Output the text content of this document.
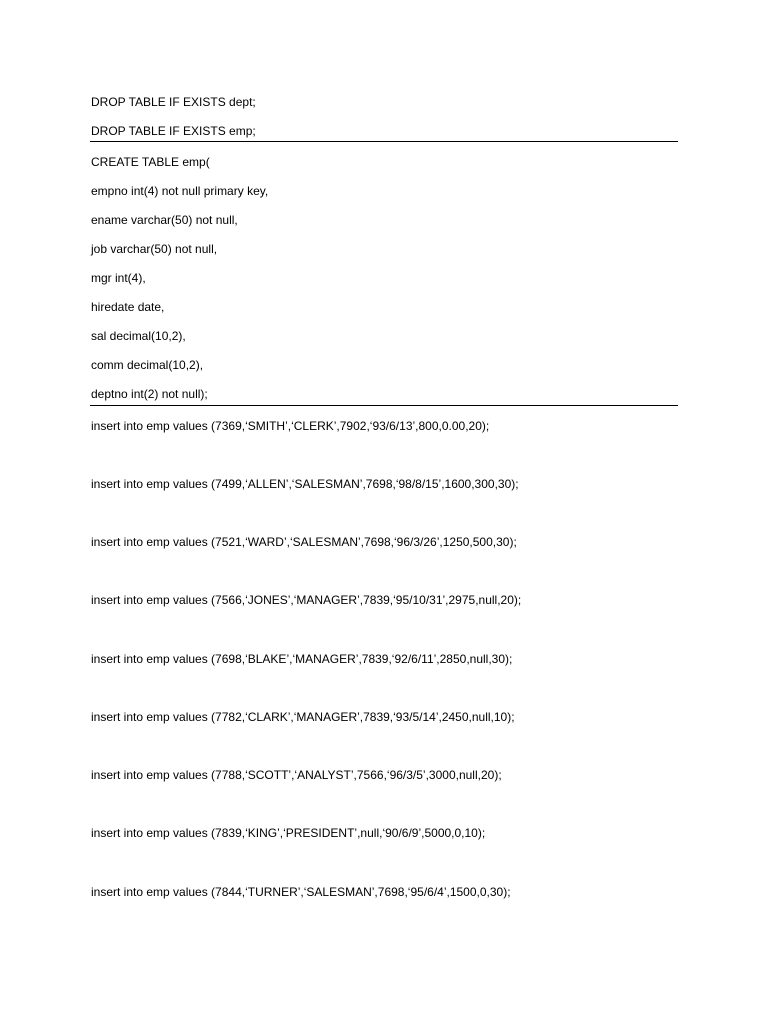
DROP TABLE IF EXISTS dept;
DROP TABLE IF EXISTS emp;
CREATE TABLE emp(
empno int(4) not null primary key,
ename varchar(50) not null,
job varchar(50) not null,
mgr int(4),
hiredate date,
sal decimal(10,2),
comm decimal(10,2),
deptno int(2) not null);
insert into emp values (7369,‘SMITH’,‘CLERK’,7902,‘93/6/13’,800,0.00,20);
insert into emp values (7499,‘ALLEN’,‘SALESMAN’,7698,‘98/8/15’,1600,300,30);
insert into emp values (7521,‘WARD’,‘SALESMAN’,7698,‘96/3/26’,1250,500,30);
insert into emp values (7566,‘JONES’,‘MANAGER’,7839,‘95/10/31’,2975,null,20);
insert into emp values (7698,‘BLAKE’,‘MANAGER’,7839,‘92/6/11’,2850,null,30);
insert into emp values (7782,‘CLARK’,‘MANAGER’,7839,‘93/5/14’,2450,null,10);
insert into emp values (7788,‘SCOTT’,‘ANALYST’,7566,‘96/3/5’,3000,null,20);
insert into emp values (7839,‘KING’,‘PRESIDENT’,null,‘90/6/9’,5000,0,10);
insert into emp values (7844,‘TURNER’,‘SALESMAN’,7698,‘95/6/4’,1500,0,30);
